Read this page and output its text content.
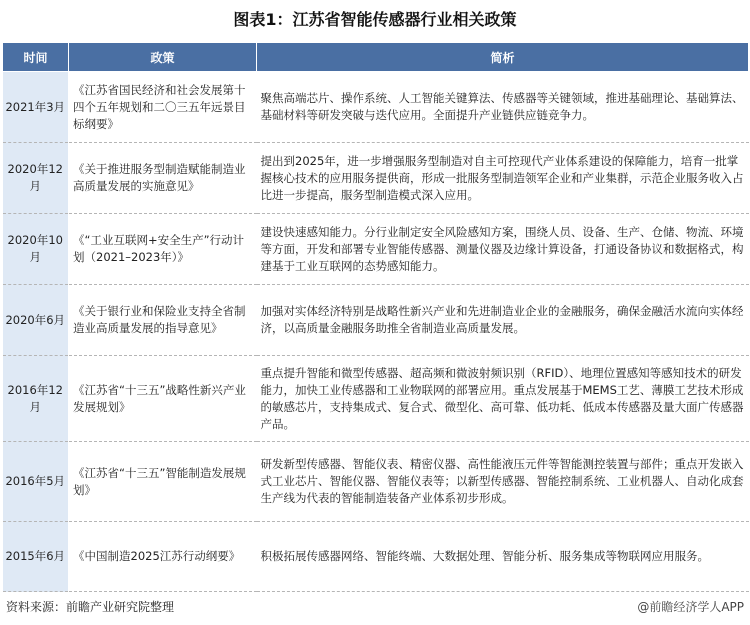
图表1：江苏省智能传感器行业相关政策
时间	政策	简析
2021年3月	《江苏省国民经济和社会发展第十四个五年规划和二〇三五年远景目标纲要》	聚焦高端芯片、操作系统、人工智能关键算法、传感器等关键领域，推进基础理论、基础算法、基础材料等研发突破与迭代应用。全面提升产业链供应链竞争力。
2020年12月	《关于推进服务型制造赋能制造业高质量发展的实施意见》	提出到2025年，进一步增强服务型制造对自主可控现代产业体系建设的保障能力，培育一批掌握核心技术的应用服务提供商，形成一批服务型制造领军企业和产业集群，示范企业服务收入占比进一步提高，服务型制造模式深入应用。
2020年10月	《“工业互联网+安全生产”行动计划（2021–2023年）》	建设快速感知能力。分行业制定安全风险感知方案，围绕人员、设备、生产、仓储、物流、环境等方面，开发和部署专业智能传感器、测量仪器及边缘计算设备，打通设备协议和数据格式，构建基于工业互联网的态势感知能力。
2020年6月	《关于银行业和保险业支持全省制造业高质量发展的指导意见》	加强对实体经济特别是战略性新兴产业和先进制造业企业的金融服务，确保金融活水流向实体经济，以高质量金融服务助推全省制造业高质量发展。
2016年12月	《江苏省“十三五”战略性新兴产业发展规划》	重点提升智能和微型传感器、超高频和微波射频识别（RFID）、地理位置感知等感知技术的研发能力，加快工业传感器和工业物联网的部署应用。重点发展基于MEMS工艺、薄膜工艺技术形成的敏感芯片，支持集成式、复合式、微型化、高可靠、低功耗、低成本传感器及量大面广传感器产品。
2016年5月	《江苏省“十三五”智能制造发展规划》	研发新型传感器、智能仪表、精密仪器、高性能液压元件等智能测控装置与部件；重点开发嵌入式工业芯片、智能仪器、智能仪表等；以新型传感器、智能控制系统、工业机器人、自动化成套生产线为代表的智能制造装备产业体系初步形成。
2015年6月	《中国制造2025江苏行动纲要》	积极拓展传感器网络、智能终端、大数据处理、智能分析、服务集成等物联网应用服务。
资料来源：前瞻产业研究院整理	@前瞻经济学人APP
